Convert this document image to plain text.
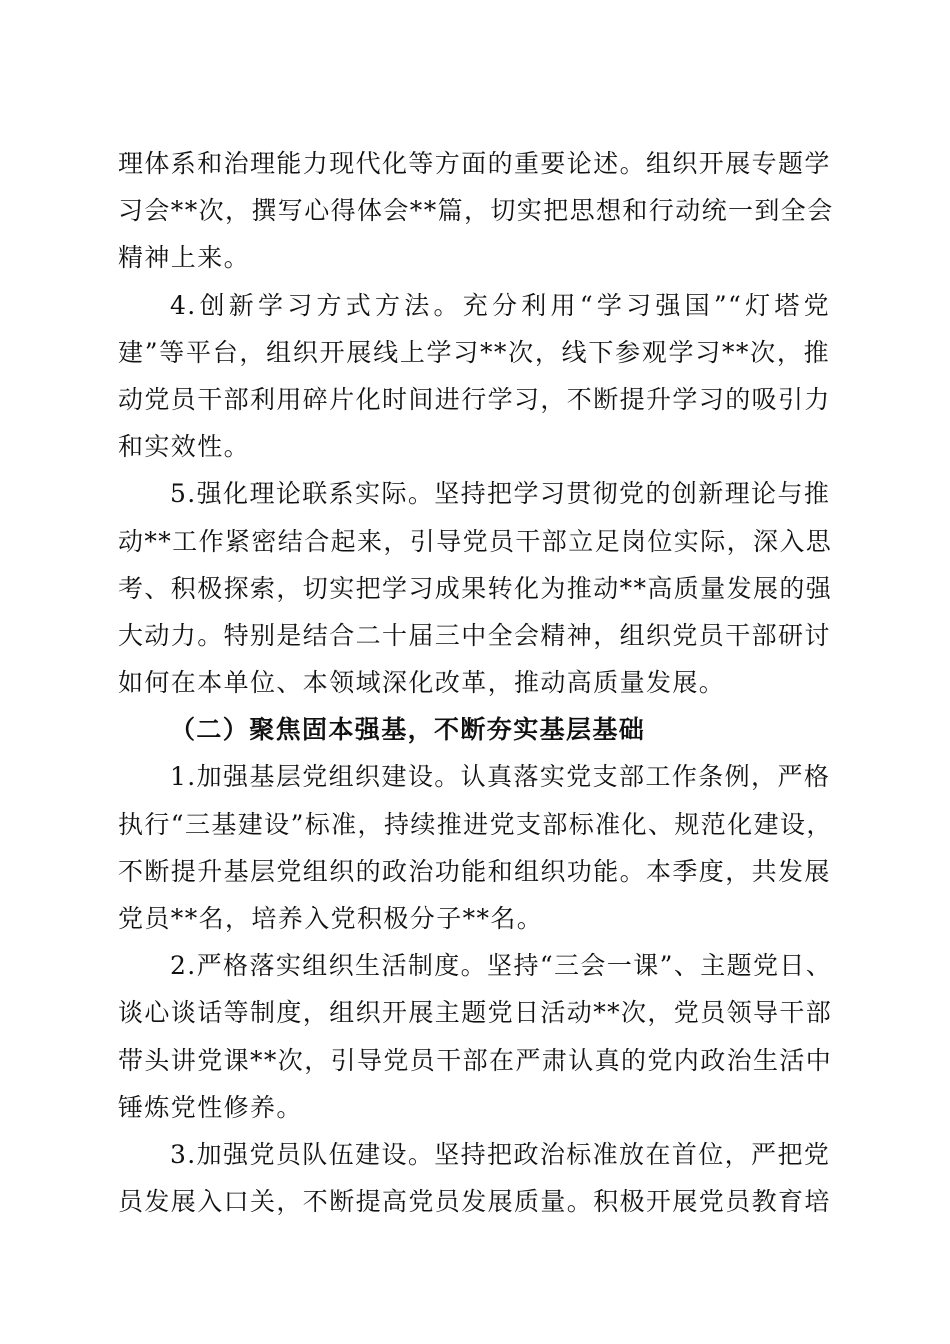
理体系和治理能力现代化等方面的重要论述。组织开展专题学
习会**次，撰写心得体会**篇，切实把思想和行动统一到全会
精神上来。
4.创新学习方式方法。充分利用“学习强国”“灯塔党
建”等平台，组织开展线上学习**次，线下参观学习**次，推
动党员干部利用碎片化时间进行学习，不断提升学习的吸引力
和实效性。
5.强化理论联系实际。坚持把学习贯彻党的创新理论与推
动**工作紧密结合起来，引导党员干部立足岗位实际，深入思
考、积极探索，切实把学习成果转化为推动**高质量发展的强
大动力。特别是结合二十届三中全会精神，组织党员干部研讨
如何在本单位、本领域深化改革，推动高质量发展。
（二）聚焦固本强基，不断夯实基层基础
1.加强基层党组织建设。认真落实党支部工作条例，严格
执行“三基建设”标准，持续推进党支部标准化、规范化建设，
不断提升基层党组织的政治功能和组织功能。本季度，共发展
党员**名，培养入党积极分子**名。
2.严格落实组织生活制度。坚持“三会一课”、主题党日、
谈心谈话等制度，组织开展主题党日活动**次，党员领导干部
带头讲党课**次，引导党员干部在严肃认真的党内政治生活中
锤炼党性修养。
3.加强党员队伍建设。坚持把政治标准放在首位，严把党
员发展入口关，不断提高党员发展质量。积极开展党员教育培
